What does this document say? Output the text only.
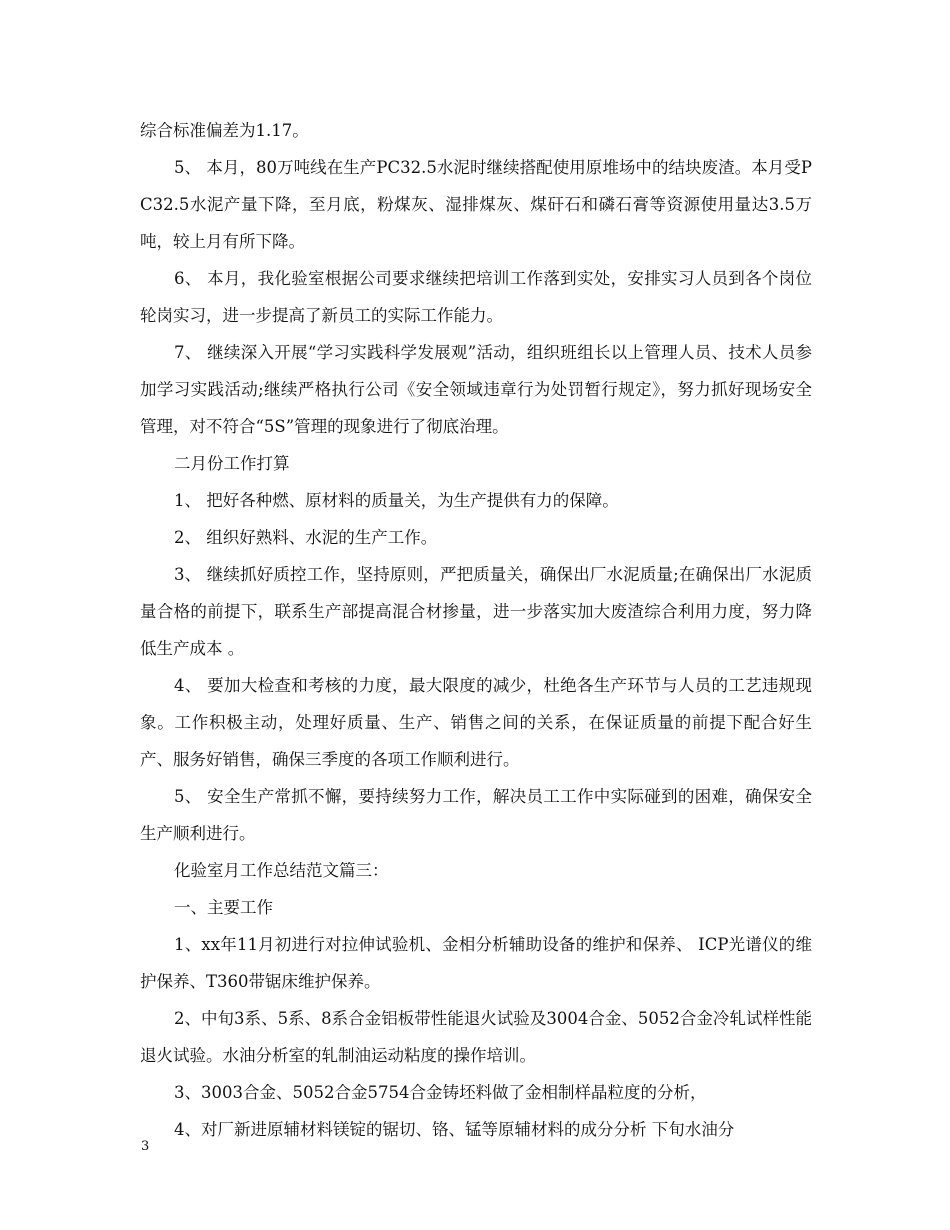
综合标准偏差为1.17。

5、 本月，80万吨线在生产PC32.5水泥时继续搭配使用原堆场中的结块废渣。本月受PC32.5水泥产量下降，至月底，粉煤灰、湿排煤灰、煤矸石和磷石膏等资源使用量达3.5万吨，较上月有所下降。

6、 本月，我化验室根据公司要求继续把培训工作落到实处，安排实习人员到各个岗位轮岗实习，进一步提高了新员工的实际工作能力。

7、 继续深入开展“学习实践科学发展观”活动，组织班组长以上管理人员、技术人员参加学习实践活动;继续严格执行公司《安全领域违章行为处罚暂行规定》，努力抓好现场安全管理，对不符合“5S”管理的现象进行了彻底治理。

二月份工作打算

1、 把好各种燃、原材料的质量关，为生产提供有力的保障。

2、 组织好熟料、水泥的生产工作。

3、 继续抓好质控工作，坚持原则，严把质量关，确保出厂水泥质量;在确保出厂水泥质量合格的前提下，联系生产部提高混合材掺量，进一步落实加大废渣综合利用力度，努力降低生产成本 。

4、 要加大检查和考核的力度，最大限度的减少，杜绝各生产环节与人员的工艺违规现象。工作积极主动，处理好质量、生产、销售之间的关系，在保证质量的前提下配合好生产、服务好销售，确保三季度的各项工作顺利进行。

5、 安全生产常抓不懈，要持续努力工作，解决员工工作中实际碰到的困难，确保安全生产顺利进行。

化验室月工作总结范文篇三：

一、主要工作

1、xx年11月初进行对拉伸试验机、金相分析辅助设备的维护和保养、 ICP光谱仪的维护保养、T360带锯床维护保养。

2、中旬3系、5系、8系合金铝板带性能退火试验及3004合金、5052合金冷轧试样性能退火试验。水油分析室的轧制油运动粘度的操作培训。

3、3003合金、5052合金5754合金铸坯料做了金相制样晶粒度的分析，

4、对厂新进原辅材料镁锭的锯切、铬、锰等原辅材料的成分分析 下旬水油分

3
